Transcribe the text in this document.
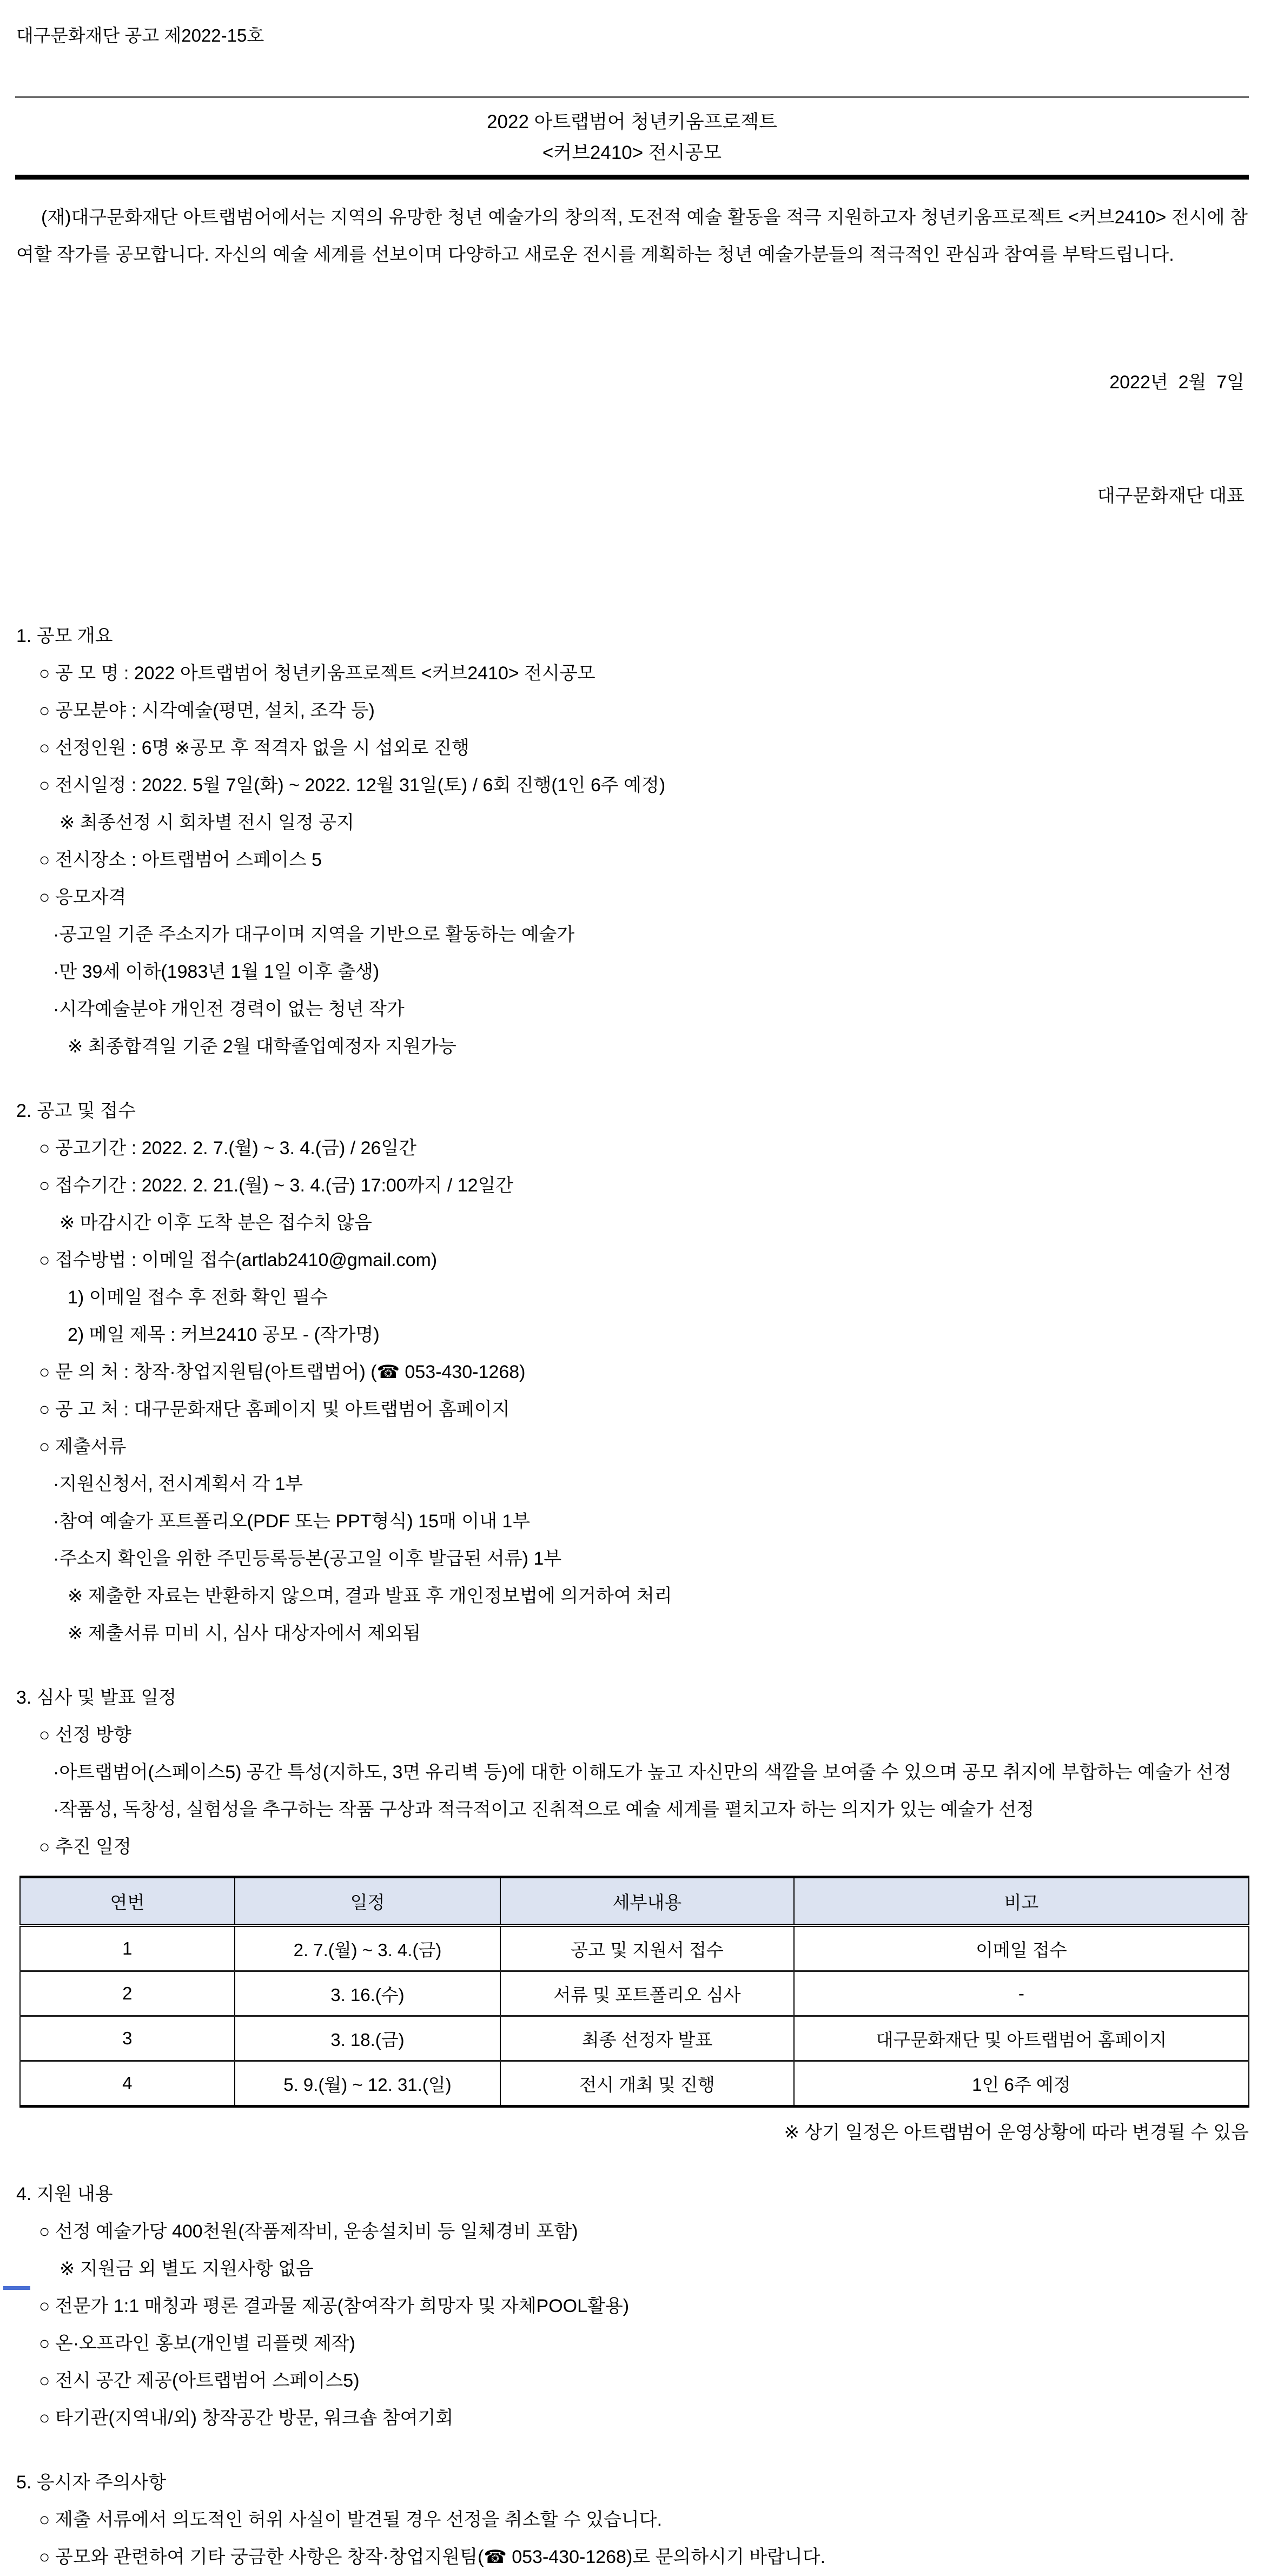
대구문화재단 공고 제2022-15호
2022 아트랩범어 청년키움프로젝트
<커브2410> 전시공모

(재)대구문화재단 아트랩범어에서는 지역의 유망한 청년 예술가의 창의적, 도전적 예술 활동을 적극 지원하고자 청년키움프로젝트 <커브2410> 전시에 참여할 작가를 공모합니다. 자신의 예술 세계를 선보이며 다양하고 새로운 전시를 계획하는 청년 예술가분들의 적극적인 관심과 참여를 부탁드립니다.

2022년  2월  7일

대구문화재단 대표

1. 공모 개요
○ 공 모 명 : 2022 아트랩범어 청년키움프로젝트 <커브2410> 전시공모
○ 공모분야 : 시각예술(평면, 설치, 조각 등)
○ 선정인원 : 6명 ※공모 후 적격자 없을 시 섭외로 진행
○ 전시일정 : 2022. 5월 7일(화) ~ 2022. 12월 31일(토) / 6회 진행(1인 6주 예정)
※ 최종선정 시 회차별 전시 일정 공지
○ 전시장소 : 아트랩범어 스페이스 5
○ 응모자격
·공고일 기준 주소지가 대구이며 지역을 기반으로 활동하는 예술가
·만 39세 이하(1983년 1월 1일 이후 출생)
·시각예술분야 개인전 경력이 없는 청년 작가
※ 최종합격일 기준 2월 대학졸업예정자 지원가능
2. 공고 및 접수
○ 공고기간 : 2022. 2. 7.(월) ~ 3. 4.(금) / 26일간
○ 접수기간 : 2022. 2. 21.(월) ~ 3. 4.(금) 17:00까지 / 12일간
※ 마감시간 이후 도착 분은 접수치 않음
○ 접수방법 : 이메일 접수(artlab2410@gmail.com)
1) 이메일 접수 후 전화 확인 필수
2) 메일 제목 : 커브2410 공모 - (작가명)
○ 문 의 처 : 창작·창업지원팀(아트랩범어) (☎ 053-430-1268)
○ 공 고 처 : 대구문화재단 홈페이지 및 아트랩범어 홈페이지
○ 제출서류
·지원신청서, 전시계획서 각 1부
·참여 예술가 포트폴리오(PDF 또는 PPT형식) 15매 이내 1부
·주소지 확인을 위한 주민등록등본(공고일 이후 발급된 서류) 1부
※ 제출한 자료는 반환하지 않으며, 결과 발표 후 개인정보법에 의거하여 처리
※ 제출서류 미비 시, 심사 대상자에서 제외됨
3. 심사 및 발표 일정
○ 선정 방향
·아트랩범어(스페이스5) 공간 특성(지하도, 3면 유리벽 등)에 대한 이해도가 높고 자신만의 색깔을 보여줄 수 있으며 공모 취지에 부합하는 예술가 선정
·작품성, 독창성, 실험성을 추구하는 작품 구상과 적극적이고 진취적으로 예술 세계를 펼치고자 하는 의지가 있는 예술가 선정
○ 추진 일정
연번	일정	세부내용	비고
1	2. 7.(월) ~ 3. 4.(금)	공고 및 지원서 접수	이메일 접수
2	3. 16.(수)	서류 및 포트폴리오 심사	-
3	3. 18.(금)	최종 선정자 발표	대구문화재단 및 아트랩범어 홈페이지
4	5. 9.(월) ~ 12. 31.(일)	전시 개최 및 진행	1인 6주 예정
※ 상기 일정은 아트랩범어 운영상황에 따라 변경될 수 있음
4. 지원 내용
○ 선정 예술가당 400천원(작품제작비, 운송설치비 등 일체경비 포함)
※ 지원금 외 별도 지원사항 없음
○ 전문가 1:1 매칭과 평론 결과물 제공(참여작가 희망자 및 자체POOL활용)
○ 온·오프라인 홍보(개인별 리플렛 제작)
○ 전시 공간 제공(아트랩범어 스페이스5)
○ 타기관(지역내/외) 창작공간 방문, 워크숍 참여기회
5. 응시자 주의사항
○ 제출 서류에서 의도적인 허위 사실이 발견될 경우 선정을 취소할 수 있습니다.
○ 공모와 관련하여 기타 궁금한 사항은 창작·창업지원팀(☎ 053-430-1268)로 문의하시기 바랍니다.
